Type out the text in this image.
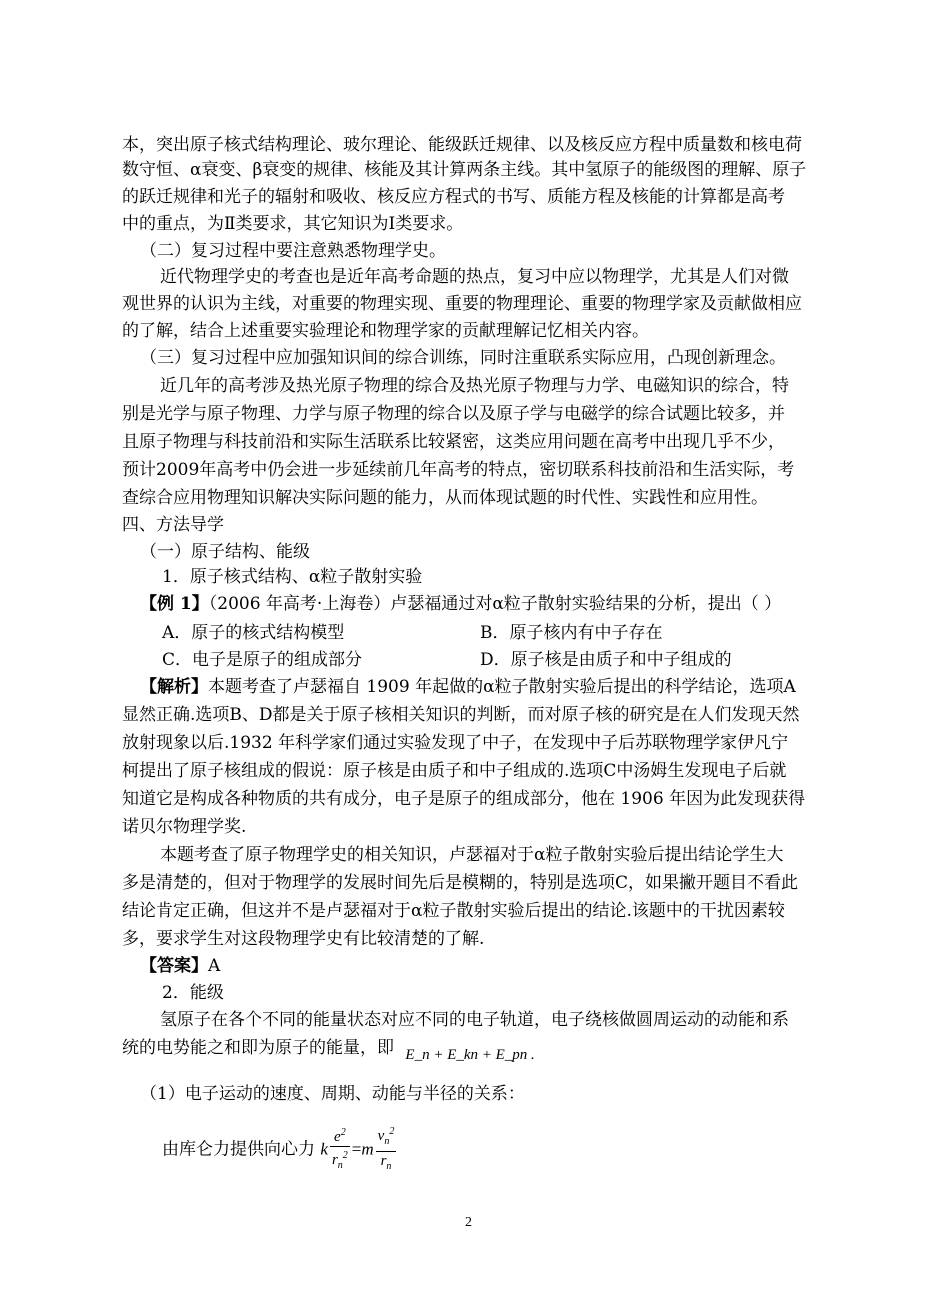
本，突出原子核式结构理论、玻尔理论、能级跃迁规律、以及核反应方程中质量数和核电荷
数守恒、α衰变、β衰变的规律、核能及其计算两条主线。其中氢原子的能级图的理解、原子
的跃迁规律和光子的辐射和吸收、核反应方程式的书写、质能方程及核能的计算都是高考
中的重点，为Ⅱ类要求，其它知识为Ⅰ类要求。
（二）复习过程中要注意熟悉物理学史。
近代物理学史的考查也是近年高考命题的热点，复习中应以物理学，尤其是人们对微
观世界的认识为主线，对重要的物理实现、重要的物理理论、重要的物理学家及贡献做相应
的了解，结合上述重要实验理论和物理学家的贡献理解记忆相关内容。
（三）复习过程中应加强知识间的综合训练，同时注重联系实际应用，凸现创新理念。
近几年的高考涉及热光原子物理的综合及热光原子物理与力学、电磁知识的综合，特
别是光学与原子物理、力学与原子物理的综合以及原子学与电磁学的综合试题比较多，并
且原子物理与科技前沿和实际生活联系比较紧密，这类应用问题在高考中出现几乎不少，
预计2009年高考中仍会进一步延续前几年高考的特点，密切联系科技前沿和生活实际，考
查综合应用物理知识解决实际问题的能力，从而体现试题的时代性、实践性和应用性。
四、方法导学
（一）原子结构、能级
1．原子核式结构、α粒子散射实验
【例 1】（2006 年高考·上海卷）卢瑟福通过对α粒子散射实验结果的分析，提出（ ）
A．原子的核式结构模型	B．原子核内有中子存在
C．电子是原子的组成部分	D．原子核是由质子和中子组成的
【解析】本题考查了卢瑟福自 1909 年起做的α粒子散射实验后提出的科学结论，选项A
显然正确.选项B、D都是关于原子核相关知识的判断，而对原子核的研究是在人们发现天然
放射现象以后.1932 年科学家们通过实验发现了中子，在发现中子后苏联物理学家伊凡宁
柯提出了原子核组成的假说：原子核是由质子和中子组成的.选项C中汤姆生发现电子后就
知道它是构成各种物质的共有成分，电子是原子的组成部分，他在 1906 年因为此发现获得
诺贝尔物理学奖.
本题考查了原子物理学史的相关知识，卢瑟福对于α粒子散射实验后提出结论学生大
多是清楚的，但对于物理学的发展时间先后是模糊的，特别是选项C，如果撇开题目不看此
结论肯定正确，但这并不是卢瑟福对于α粒子散射实验后提出的结论.该题中的干扰因素较
多，要求学生对这段物理学史有比较清楚的了解.
【答案】A
2．能级
氢原子在各个不同的能量状态对应不同的电子轨道，电子绕核做圆周运动的动能和系
统的电势能之和即为原子的能量，即 E_n + E_kn + E_pn .
（1）电子运动的速度、周期、动能与半径的关系：
由库仑力提供向心力 k $\frac{e^2}{r_n^2} =m \frac{v_n^2}{r_n}$
2
